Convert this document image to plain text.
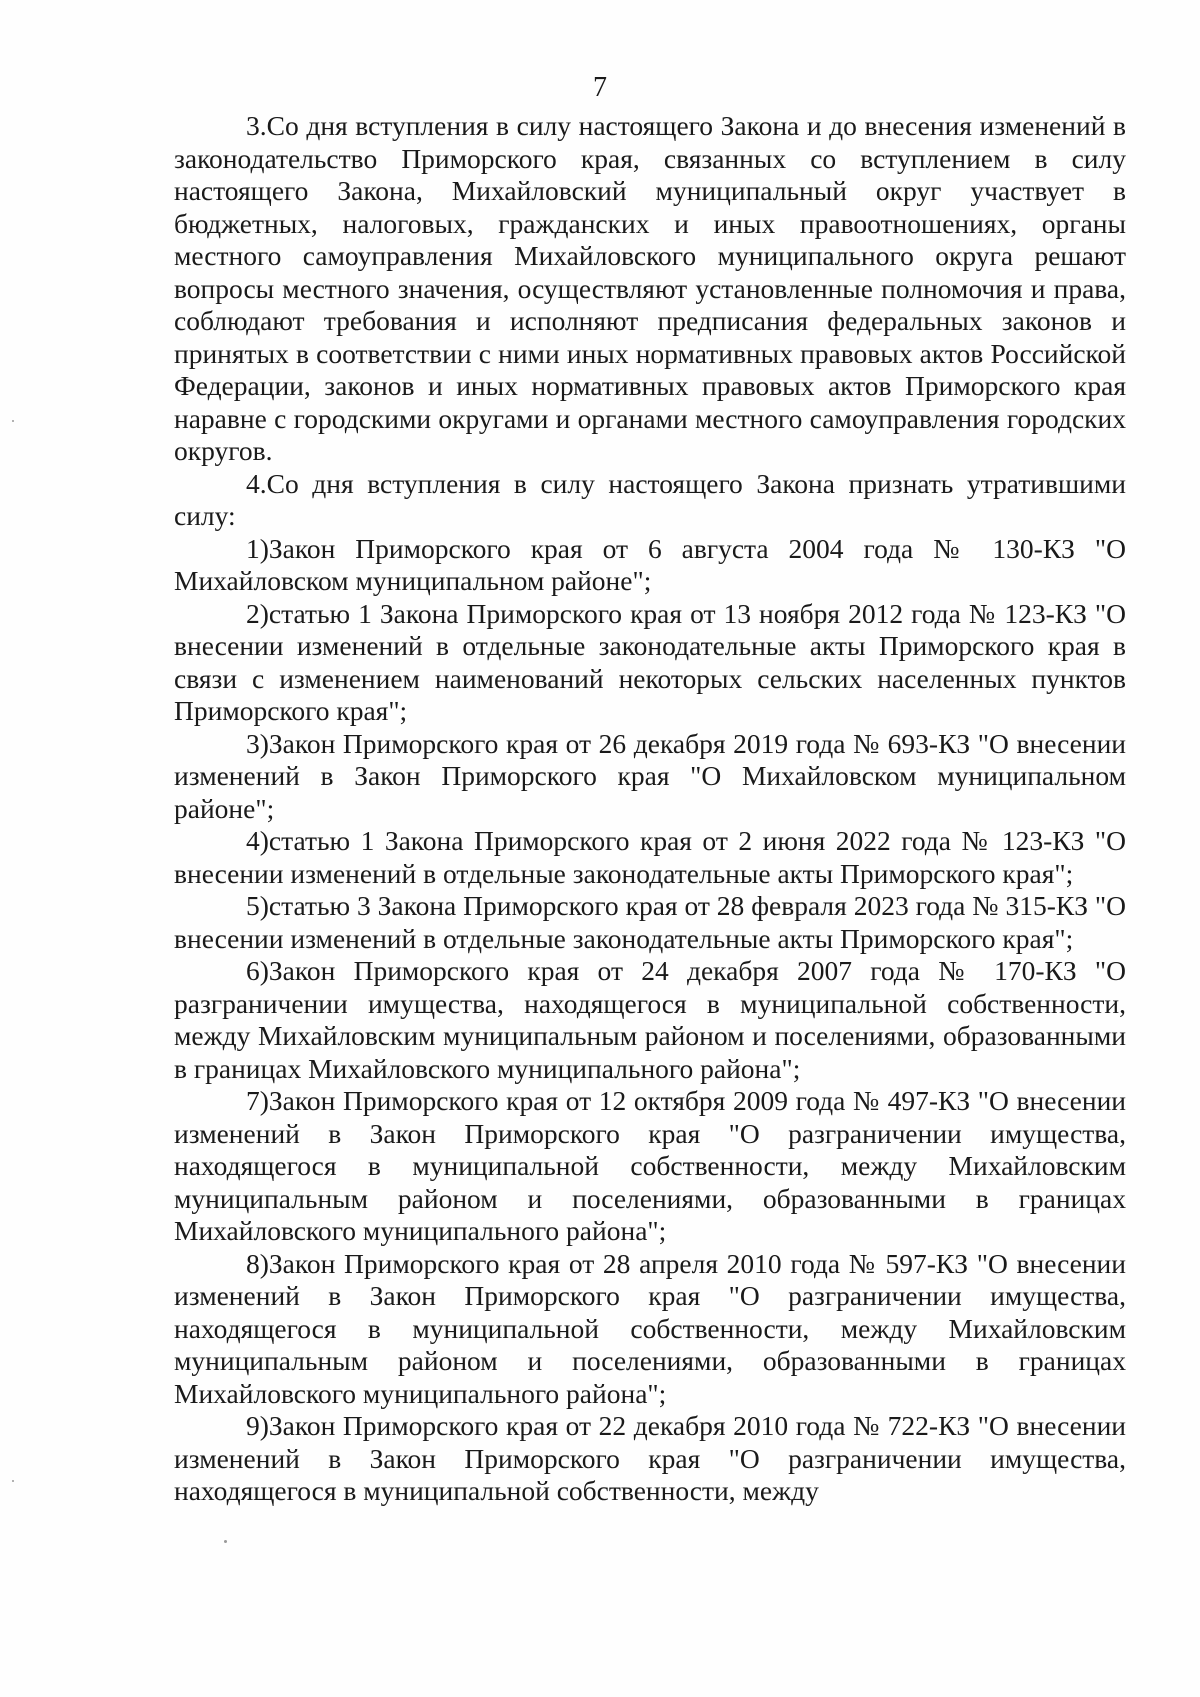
7

3.Со дня вступления в силу настоящего Закона и до внесения изменений в законодательство Приморского края, связанных со вступлением в силу настоящего Закона, Михайловский муниципальный округ участвует в бюджетных, налоговых, гражданских и иных правоотношениях, органы местного самоуправления Михайловского муниципального округа решают вопросы местного значения, осуществляют установленные полномочия и права, соблюдают требования и исполняют предписания федеральных законов и принятых в соответствии с ними иных нормативных правовых актов Российской Федерации, законов и иных нормативных правовых актов Приморского края наравне с городскими округами и органами местного самоуправления городских округов.

4.Со дня вступления в силу настоящего Закона признать утратившими силу:

1)Закон Приморского края от 6 августа 2004 года № 130-КЗ "О Михайловском муниципальном районе";

2)статью 1 Закона Приморского края от 13 ноября 2012 года № 123-КЗ "О внесении изменений в отдельные законодательные акты Приморского края в связи с изменением наименований некоторых сельских населенных пунктов Приморского края";

3)Закон Приморского края от 26 декабря 2019 года № 693-КЗ "О внесении изменений в Закон Приморского края "О Михайловском муниципальном районе";

4)статью 1 Закона Приморского края от 2 июня 2022 года № 123-КЗ "О внесении изменений в отдельные законодательные акты Приморского края";

5)статью 3 Закона Приморского края от 28 февраля 2023 года № 315-КЗ "О внесении изменений в отдельные законодательные акты Приморского края";

6)Закон Приморского края от 24 декабря 2007 года № 170-КЗ "О разграничении имущества, находящегося в муниципальной собственности, между Михайловским муниципальным районом и поселениями, образованными в границах Михайловского муниципального района";

7)Закон Приморского края от 12 октября 2009 года № 497-КЗ "О внесении изменений в Закон Приморского края "О разграничении имущества, находящегося в муниципальной собственности, между Михайловским муниципальным районом и поселениями, образованными в границах Михайловского муниципального района";

8)Закон Приморского края от 28 апреля 2010 года № 597-КЗ "О внесении изменений в Закон Приморского края "О разграничении имущества, находящегося в муниципальной собственности, между Михайловским муниципальным районом и поселениями, образованными в границах Михайловского муниципального района";

9)Закон Приморского края от 22 декабря 2010 года № 722-КЗ "О внесении изменений в Закон Приморского края "О разграничении имущества, находящегося в муниципальной собственности, между
